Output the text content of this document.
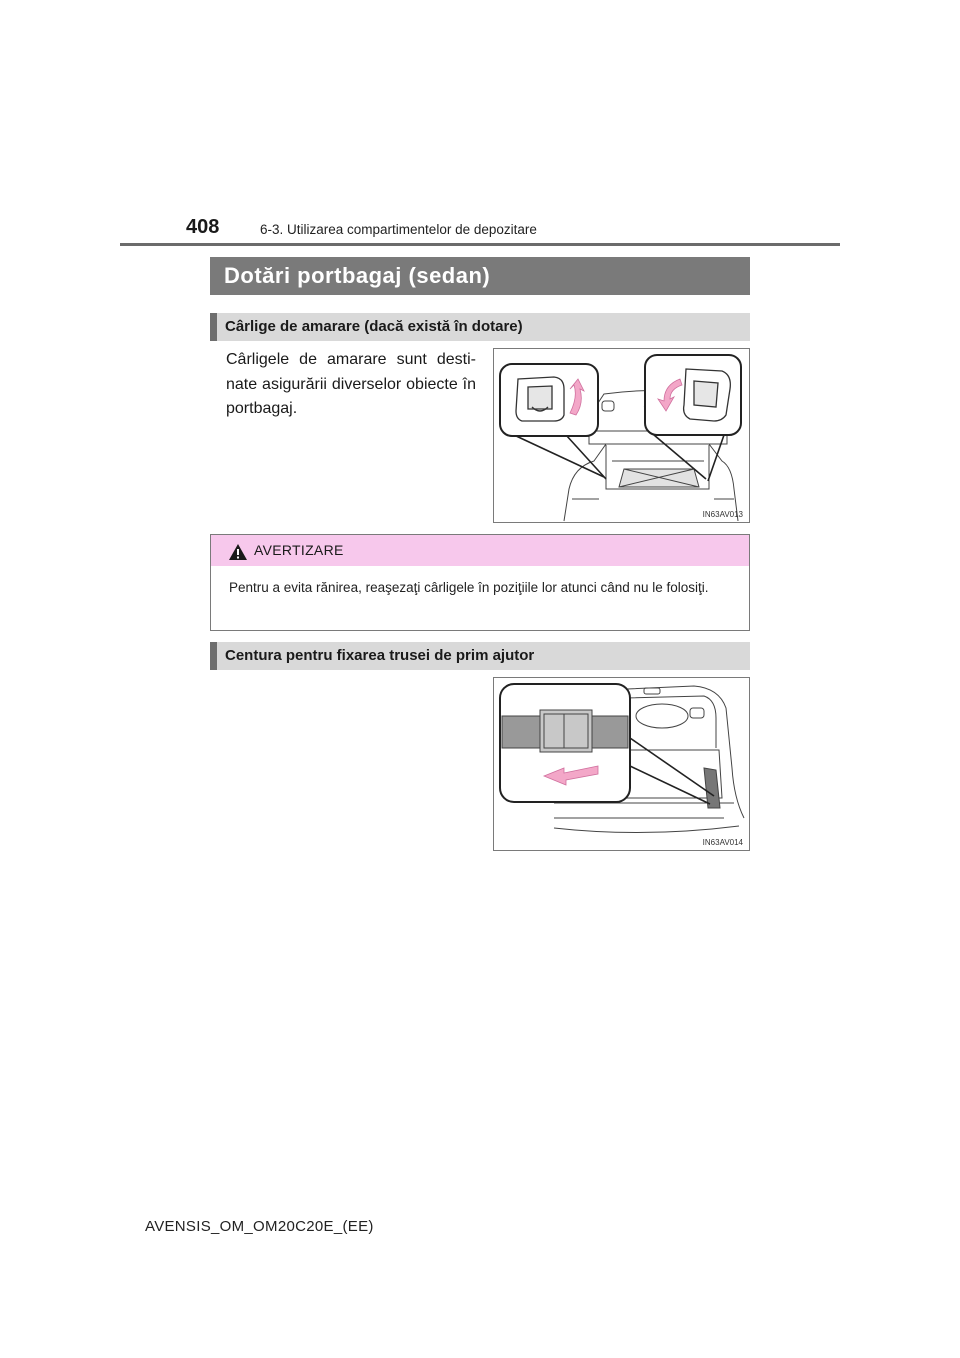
408	6-3. Utilizarea compartimentelor de depozitare
Dotări portbagaj (sedan)
Cârlige de amarare (dacă există în dotare)
Cârligele de amarare sunt desti-nate asigurării diverselor obiecte în portbagaj.
IN63AV013
AVERTIZARE
Pentru a evita rănirea, reaşezaţi cârligele în poziţiile lor atunci când nu le folosiţi.
Centura pentru fixarea trusei de prim ajutor
IN63AV014
AVENSIS_OM_OM20C20E_(EE)
